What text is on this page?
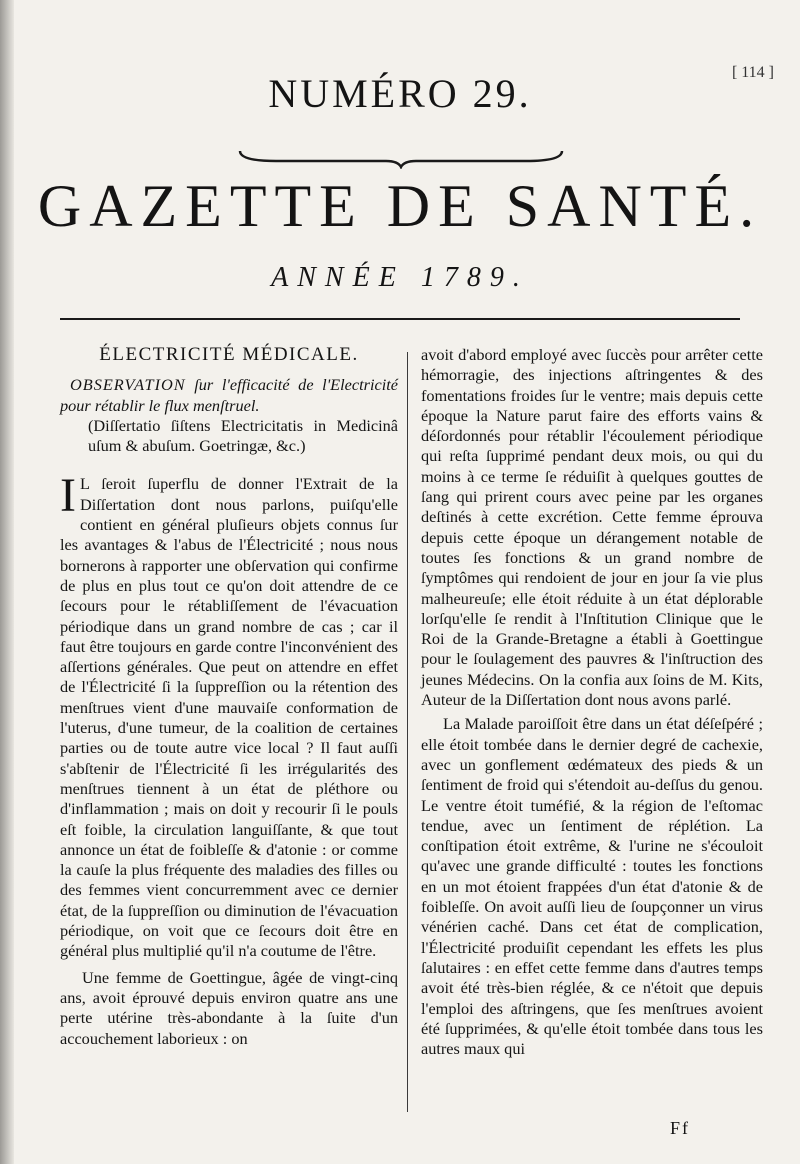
[ 114 ]
NUMÉRO 29.
GAZETTE DE SANTÉ.
ANNÉE 1789.
ÉLECTRICITÉ MÉDICALE.

OBSERVATION ſur l'efficacité de l'Electricité pour rétablir le flux menſtruel.

(Diſſertatio ſiſtens Electricitatis in Medicinâ uſum & abuſum. Goetringæ, &c.)

I L ſeroit ſuperflu de donner l'Extrait de la Diſſertation dont nous parlons, puiſqu'elle contient en général pluſieurs objets connus ſur les avantages & l'abus de l'Électricité ; nous nous bornerons à rapporter une obſervation qui confirme de plus en plus tout ce qu'on doit attendre de ce ſecours pour le rétabliſſement de l'évacuation périodique dans un grand nombre de cas ; car il faut être toujours en garde contre l'inconvénient des aſſertions générales. Que peut on attendre en effet de l'Électricité ſi la ſuppreſſion ou la rétention des menſtrues vient d'une mauvaiſe conformation de l'uterus, d'une tumeur, de la coalition de certaines parties ou de toute autre vice local ? Il faut auſſi s'abſtenir de l'Électricité ſi les irrégularités des menſtrues tiennent à un état de pléthore ou d'inflammation ; mais on doit y recourir ſi le pouls eſt foible, la circulation languiſſante, & que tout annonce un état de foibleſſe & d'atonie : or comme la cauſe la plus fréquente des maladies des filles ou des femmes vient concurremment avec ce dernier état, de la ſuppreſſion ou diminution de l'évacuation périodique, on voit que ce ſecours doit être en général plus multiplié qu'il n'a coutume de l'être.

Une femme de Goettingue, âgée de vingt-cinq ans, avoit éprouvé depuis environ quatre ans une perte utérine très-abondante à la ſuite d'un accouchement laborieux : on

avoit d'abord employé avec ſuccès pour arrêter cette hémorragie, des injections aſtringentes & des fomentations froides ſur le ventre; mais depuis cette époque la Nature parut faire des efforts vains & déſordonnés pour rétablir l'écoulement périodique qui reſta ſupprimé pendant deux mois, ou qui du moins à ce terme ſe réduiſit à quelques gouttes de ſang qui prirent cours avec peine par les organes deſtinés à cette excrétion. Cette femme éprouva depuis cette époque un dérangement notable de toutes ſes fonctions & un grand nombre de ſymptômes qui rendoient de jour en jour ſa vie plus malheureuſe; elle étoit réduite à un état déplorable lorſqu'elle ſe rendit à l'Inſtitution Clinique que le Roi de la Grande-Bretagne a établi à Goettingue pour le ſoulagement des pauvres & l'inſtruction des jeunes Médecins. On la confia aux ſoins de M. Kits, Auteur de la Diſſertation dont nous avons parlé.

La Malade paroiſſoit être dans un état déſeſpéré ; elle étoit tombée dans le dernier degré de cachexie, avec un gonflement œdémateux des pieds & un ſentiment de froid qui s'étendoit au-deſſus du genou. Le ventre étoit tuméfié, & la région de l'eſtomac tendue, avec un ſentiment de réplétion. La conſtipation étoit extrême, & l'urine ne s'écouloit qu'avec une grande difficulté : toutes les fonctions en un mot étoient frappées d'un état d'atonie & de foibleſſe. On avoit auſſi lieu de ſoupçonner un virus vénérien caché. Dans cet état de complication, l'Électricité produiſit cependant les effets les plus ſalutaires : en effet cette femme dans d'autres temps avoit été très-bien réglée, & ce n'étoit que depuis l'emploi des aſtringens, que ſes menſtrues avoient été ſupprimées, & qu'elle étoit tombée dans tous les autres maux qui

Ff
